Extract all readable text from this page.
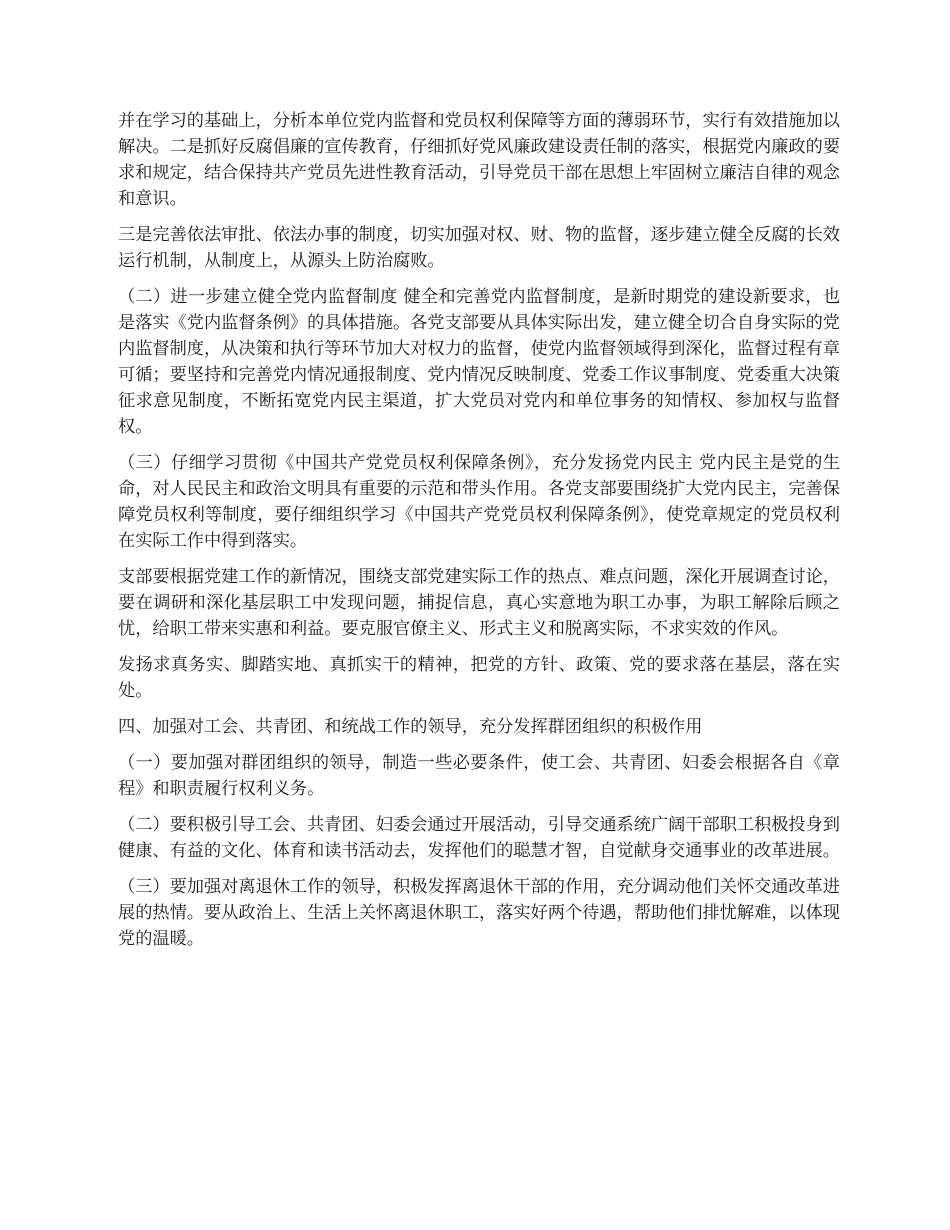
并在学习的基础上，分析本单位党内监督和党员权利保障等方面的薄弱环节，实行有效措施加以解决。二是抓好反腐倡廉的宣传教育，仔细抓好党风廉政建设责任制的落实，根据党内廉政的要求和规定，结合保持共产党员先进性教育活动，引导党员干部在思想上牢固树立廉洁自律的观念和意识。

三是完善依法审批、依法办事的制度，切实加强对权、财、物的监督，逐步建立健全反腐的长效运行机制，从制度上，从源头上防治腐败。

（二）进一步建立健全党内监督制度 健全和完善党内监督制度，是新时期党的建设新要求，也是落实《党内监督条例》的具体措施。各党支部要从具体实际出发，建立健全切合自身实际的党内监督制度，从决策和执行等环节加大对权力的监督，使党内监督领域得到深化，监督过程有章可循；要坚持和完善党内情况通报制度、党内情况反映制度、党委工作议事制度、党委重大决策征求意见制度，不断拓宽党内民主渠道，扩大党员对党内和单位事务的知情权、参加权与监督权。

（三）仔细学习贯彻《中国共产党党员权利保障条例》，充分发扬党内民主 党内民主是党的生命，对人民民主和政治文明具有重要的示范和带头作用。各党支部要围绕扩大党内民主，完善保障党员权利等制度，要仔细组织学习《中国共产党党员权利保障条例》，使党章规定的党员权利在实际工作中得到落实。

支部要根据党建工作的新情况，围绕支部党建实际工作的热点、难点问题，深化开展调查讨论，要在调研和深化基层职工中发现问题，捕捉信息，真心实意地为职工办事，为职工解除后顾之忧，给职工带来实惠和利益。要克服官僚主义、形式主义和脱离实际，不求实效的作风。

发扬求真务实、脚踏实地、真抓实干的精神，把党的方针、政策、党的要求落在基层，落在实处。

四、加强对工会、共青团、和统战工作的领导，充分发挥群团组织的积极作用

（一）要加强对群团组织的领导，制造一些必要条件，使工会、共青团、妇委会根据各自《章程》和职责履行权利义务。

（二）要积极引导工会、共青团、妇委会通过开展活动，引导交通系统广阔干部职工积极投身到健康、有益的文化、体育和读书活动去，发挥他们的聪慧才智，自觉献身交通事业的改革进展。

（三）要加强对离退休工作的领导，积极发挥离退休干部的作用，充分调动他们关怀交通改革进展的热情。要从政治上、生活上关怀离退休职工，落实好两个待遇，帮助他们排忧解难，以体现党的温暖。
